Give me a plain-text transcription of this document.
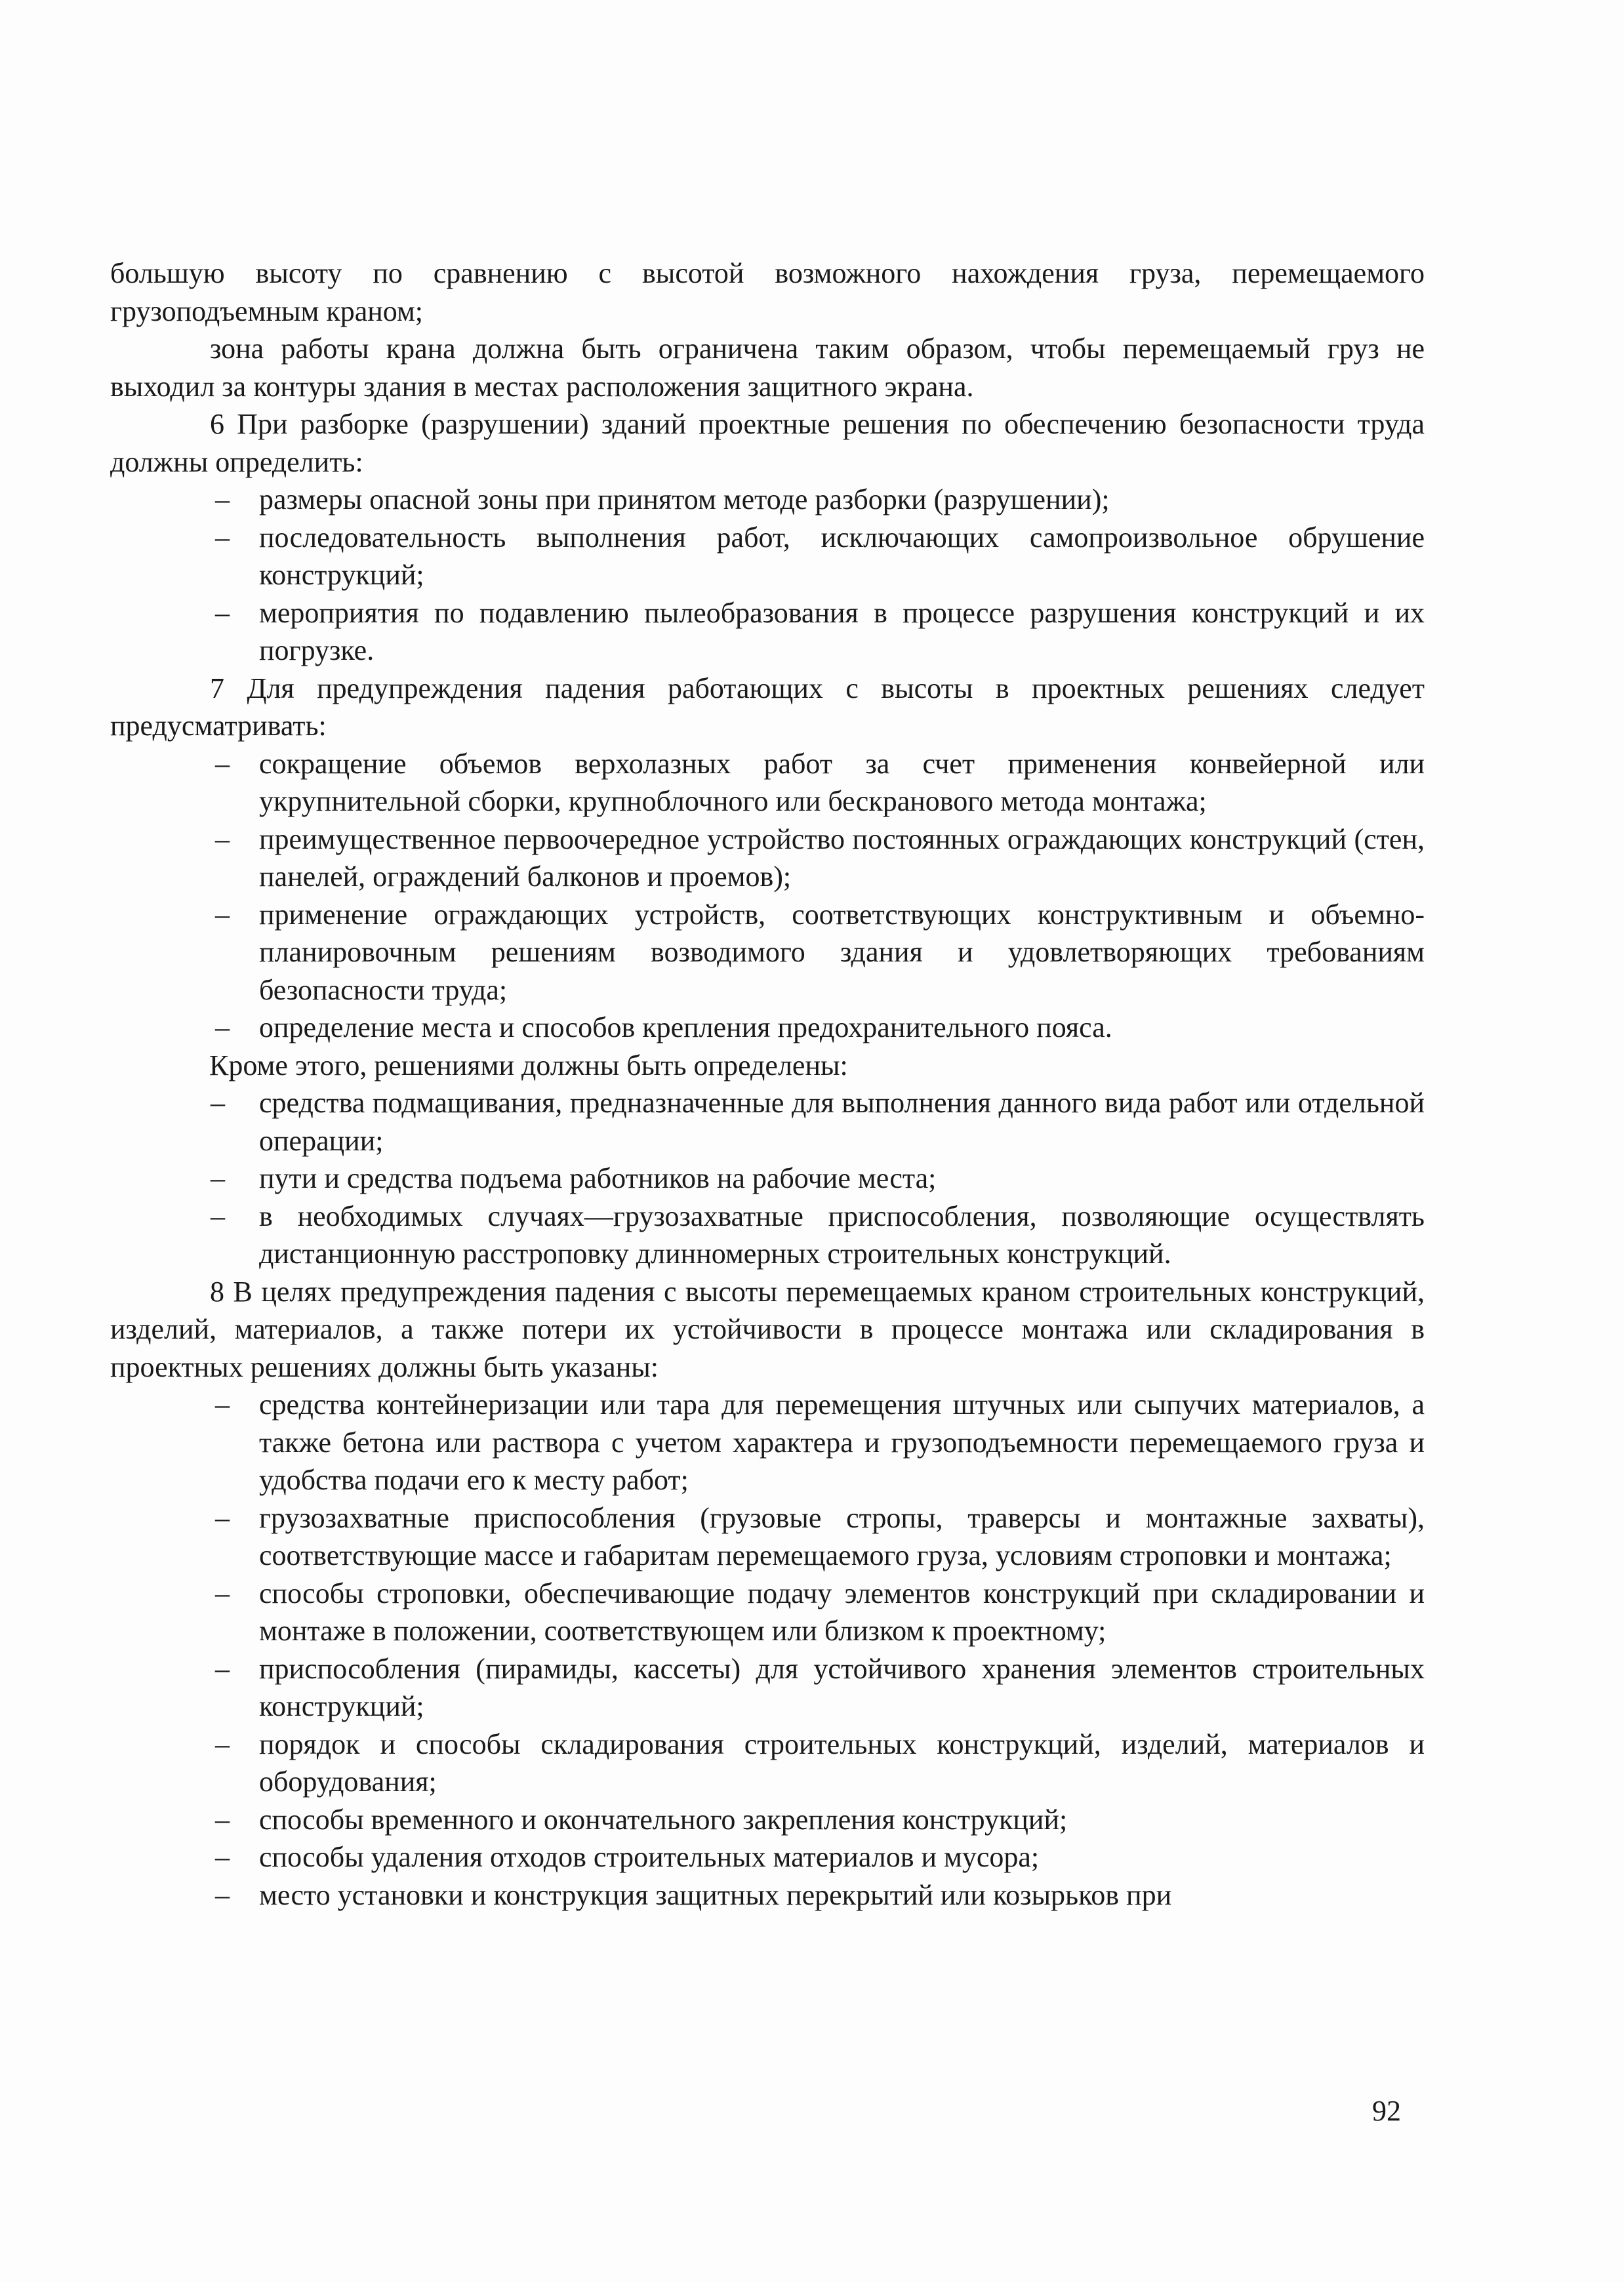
большую высоту по сравнению с высотой возможного нахождения груза, перемещаемого грузоподъемным краном;

зона работы крана должна быть ограничена таким образом, чтобы перемещаемый груз не выходил за контуры здания в местах расположения защитного экрана.

6 При разборке (разрушении) зданий проектные решения по обеспечению безопасности труда должны определить:

– размеры опасной зоны при принятом методе разборки (разрушении);
– последовательность выполнения работ, исключающих самопроизвольное обрушение конструкций;
– мероприятия по подавлению пылеобразования в процессе разрушения конструкций и их погрузке.

7 Для предупреждения падения работающих с высоты в проектных решениях следует предусматривать:

– сокращение объемов верхолазных работ за счет применения конвейерной или укрупнительной сборки, крупноблочного или бескранового метода монтажа;
– преимущественное первоочередное устройство постоянных ограждающих конструкций (стен, панелей, ограждений балконов и проемов);
– применение ограждающих устройств, соответствующих конструктивным и объемно-планировочным решениям возводимого здания и удовлетворяющих требованиям безопасности труда;
– определение места и способов крепления предохранительного пояса.

Кроме этого, решениями должны быть определены:

– средства подмащивания, предназначенные для выполнения данного вида работ или отдельной операции;
– пути и средства подъема работников на рабочие места;
– в необходимых случаях—грузозахватные приспособления, позволяющие осуществлять дистанционную расстроповку длинномерных строительных конструкций.

8 В целях предупреждения падения с высоты перемещаемых краном строительных конструкций, изделий, материалов, а также потери их устойчивости в процессе монтажа или складирования в проектных решениях должны быть указаны:

– средства контейнеризации или тара для перемещения штучных или сыпучих материалов, а также бетона или раствора с учетом характера и грузоподъемности перемещаемого груза и удобства подачи его к месту работ;
– грузозахватные приспособления (грузовые стропы, траверсы и монтажные захваты), соответствующие массе и габаритам перемещаемого груза, условиям строповки и монтажа;
– способы строповки, обеспечивающие подачу элементов конструкций при складировании и монтаже в положении, соответствующем или близком к проектному;
– приспособления (пирамиды, кассеты) для устойчивого хранения элементов строительных конструкций;
– порядок и способы складирования строительных конструкций, изделий, материалов и оборудования;
– способы временного и окончательного закрепления конструкций;
– способы удаления отходов строительных материалов и мусора;
– место установки и конструкция защитных перекрытий или козырьков при
92
